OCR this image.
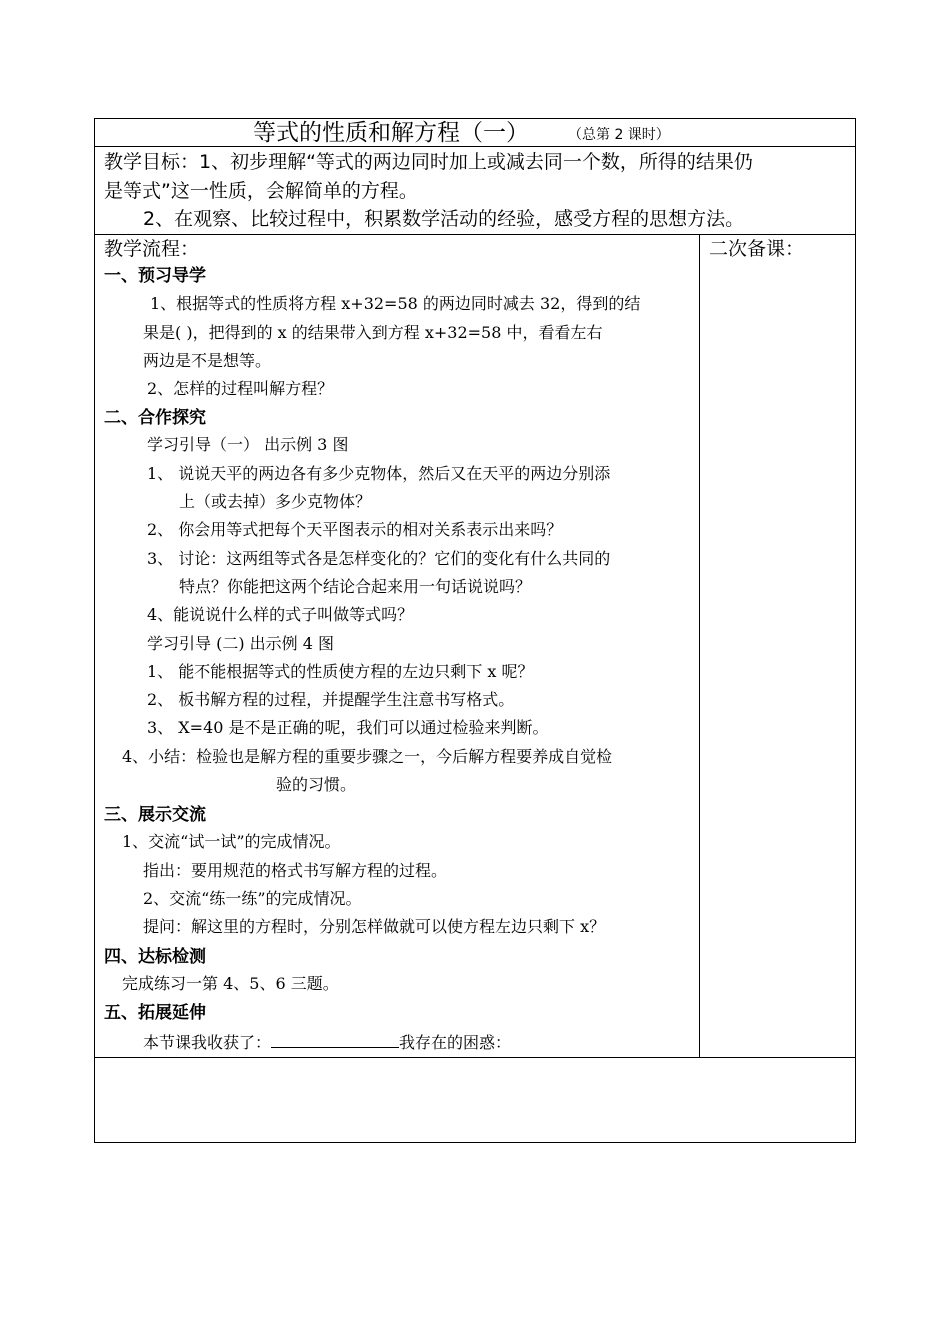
等式的性质和解方程（一）	（总第 2 课时）
教学目标：1、初步理解“等式的两边同时加上或减去同一个数，所得的结果仍
是等式”这一性质，会解简单的方程。
2、在观察、比较过程中，积累数学活动的经验，感受方程的思想方法。
教学流程：	二次备课：
一、预习导学
1、根据等式的性质将方程 x+32=58 的两边同时减去 32，得到的结
果是( )，把得到的 x 的结果带入到方程 x+32=58 中，看看左右
两边是不是想等。
2、怎样的过程叫解方程？
二、合作探究
学习引导（一） 出示例 3 图
1、 说说天平的两边各有多少克物体，然后又在天平的两边分别添
上（或去掉）多少克物体？
2、 你会用等式把每个天平图表示的相对关系表示出来吗？
3、 讨论：这两组等式各是怎样变化的？它们的变化有什么共同的
特点？你能把这两个结论合起来用一句话说说吗？
4、能说说什么样的式子叫做等式吗？
学习引导 (二) 出示例 4 图
1、 能不能根据等式的性质使方程的左边只剩下 x 呢？
2、 板书解方程的过程，并提醒学生注意书写格式。
3、 X=40 是不是正确的呢，我们可以通过检验来判断。
4、小结：检验也是解方程的重要步骤之一，今后解方程要养成自觉检
验的习惯。
三、展示交流
1、交流“试一试”的完成情况。
指出：要用规范的格式书写解方程的过程。
2、交流“练一练”的完成情况。
提问：解这里的方程时，分别怎样做就可以使方程左边只剩下 x？
四、达标检测
完成练习一第 4、5、6 三题。
五、拓展延伸
本节课我收获了：	我存在的困惑：
